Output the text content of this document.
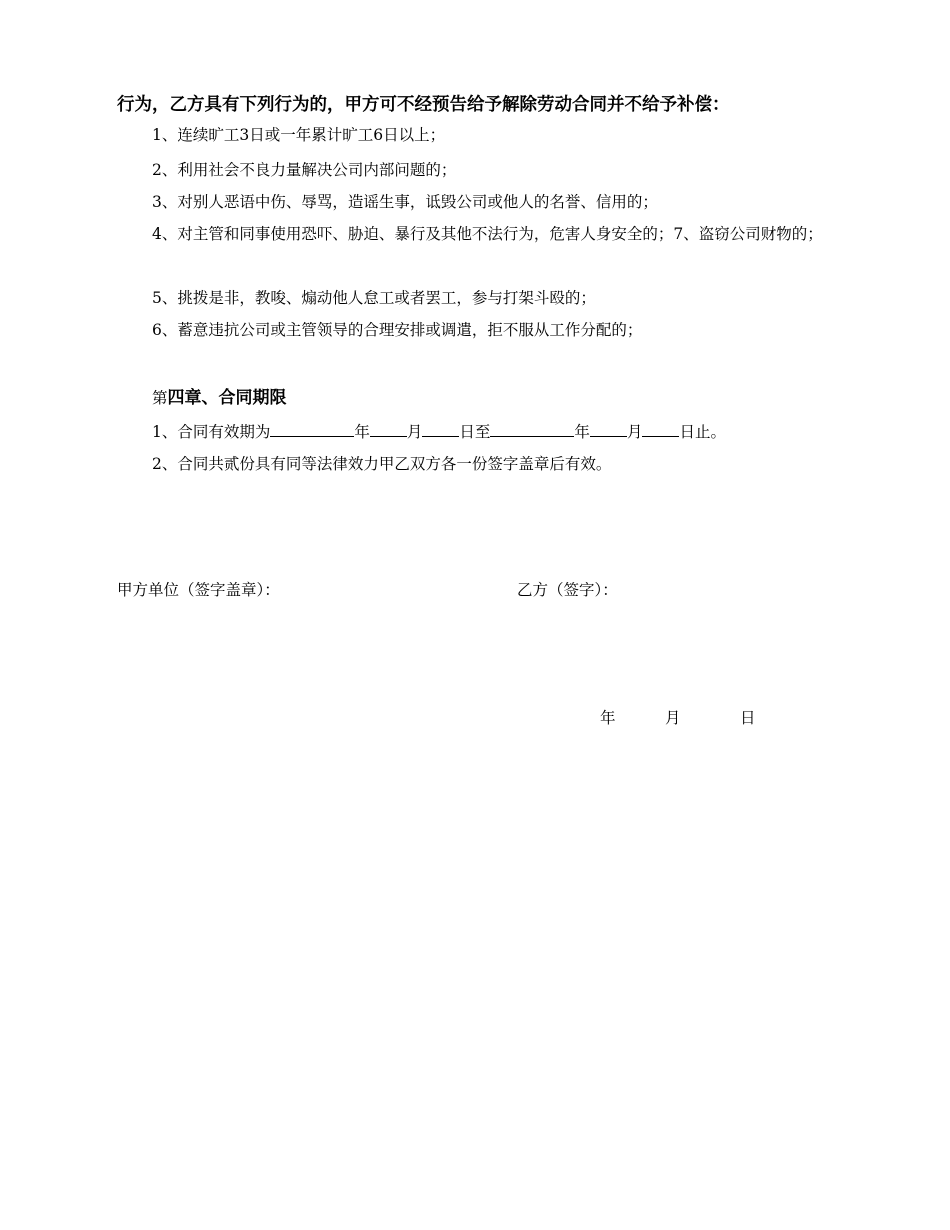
行为，乙方具有下列行为的，甲方可不经预告给予解除劳动合同并不给予补偿：
1、连续旷工3日或一年累计旷工6日以上；
2、利用社会不良力量解决公司内部问题的；
3、对别人恶语中伤、辱骂，造谣生事，诋毁公司或他人的名誉、信用的；
4、对主管和同事使用恐吓、胁迫、暴行及其他不法行为，危害人身安全的；7、盗窃公司财物的；
5、挑拨是非，教唆、煽动他人怠工或者罢工，参与打架斗殴的；
6、蓄意违抗公司或主管领导的合理安排或调遣，拒不服从工作分配的；
第四章、合同期限
1、合同有效期为	年 月 日至	年 月 日止。
2、合同共贰份具有同等法律效力甲乙双方各一份签字盖章后有效。
甲方单位（签字盖章）：	乙方（签字）：
年	月	日
